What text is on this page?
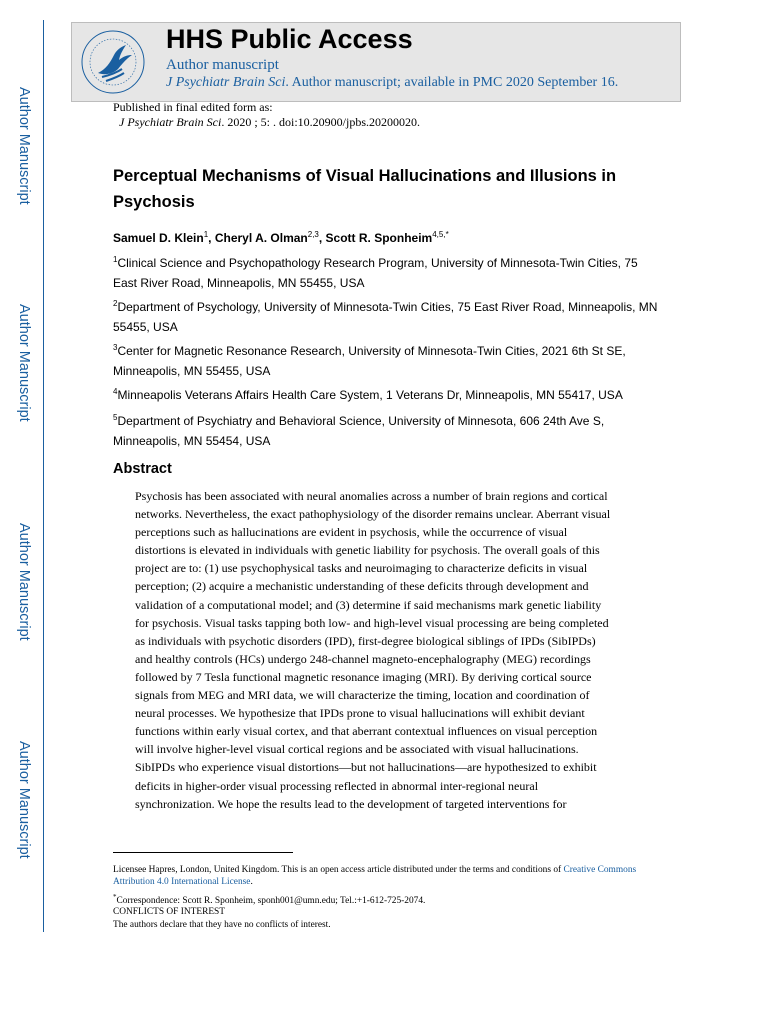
Author Manuscript
Author Manuscript
Author Manuscript
Author Manuscript
HHS Public Access
Author manuscript
J Psychiatr Brain Sci. Author manuscript; available in PMC 2020 September 16.
Published in final edited form as:
J Psychiatr Brain Sci. 2020 ; 5: . doi:10.20900/jpbs.20200020.
Perceptual Mechanisms of Visual Hallucinations and Illusions in Psychosis
Samuel D. Klein$^1$, Cheryl A. Olman$^{2,3}$, Scott R. Sponheim$^{4,5,*}$
$^1$Clinical Science and Psychopathology Research Program, University of Minnesota-Twin Cities, 75 East River Road, Minneapolis, MN 55455, USA
$^2$Department of Psychology, University of Minnesota-Twin Cities, 75 East River Road, Minneapolis, MN 55455, USA
$^3$Center for Magnetic Resonance Research, University of Minnesota-Twin Cities, 2021 6th St SE, Minneapolis, MN 55455, USA
$^4$Minneapolis Veterans Affairs Health Care System, 1 Veterans Dr, Minneapolis, MN 55417, USA
$^5$Department of Psychiatry and Behavioral Science, University of Minnesota, 606 24th Ave S, Minneapolis, MN 55454, USA
Abstract
Psychosis has been associated with neural anomalies across a number of brain regions and cortical
networks. Nevertheless, the exact pathophysiology of the disorder remains unclear. Aberrant visual
perceptions such as hallucinations are evident in psychosis, while the occurrence of visual
distortions is elevated in individuals with genetic liability for psychosis. The overall goals of this
project are to: (1) use psychophysical tasks and neuroimaging to characterize deficits in visual
perception; (2) acquire a mechanistic understanding of these deficits through development and
validation of a computational model; and (3) determine if said mechanisms mark genetic liability
for psychosis. Visual tasks tapping both low- and high-level visual processing are being completed
as individuals with psychotic disorders (IPD), first-degree biological siblings of IPDs (SibIPDs)
and healthy controls (HCs) undergo 248-channel magneto-encephalography (MEG) recordings
followed by 7 Tesla functional magnetic resonance imaging (MRI). By deriving cortical source
signals from MEG and MRI data, we will characterize the timing, location and coordination of
neural processes. We hypothesize that IPDs prone to visual hallucinations will exhibit deviant
functions within early visual cortex, and that aberrant contextual influences on visual perception
will involve higher-level visual cortical regions and be associated with visual hallucinations.
SibIPDs who experience visual distortions—but not hallucinations—are hypothesized to exhibit
deficits in higher-order visual processing reflected in abnormal inter-regional neural
synchronization. We hope the results lead to the development of targeted interventions for
Licensee Hapres, London, United Kingdom. This is an open access article distributed under the terms and conditions of Creative Commons Attribution 4.0 International License.
*Correspondence: Scott R. Sponheim, sponh001@umn.edu; Tel.:+1-612-725-2074.
CONFLICTS OF INTEREST
The authors declare that they have no conflicts of interest.
